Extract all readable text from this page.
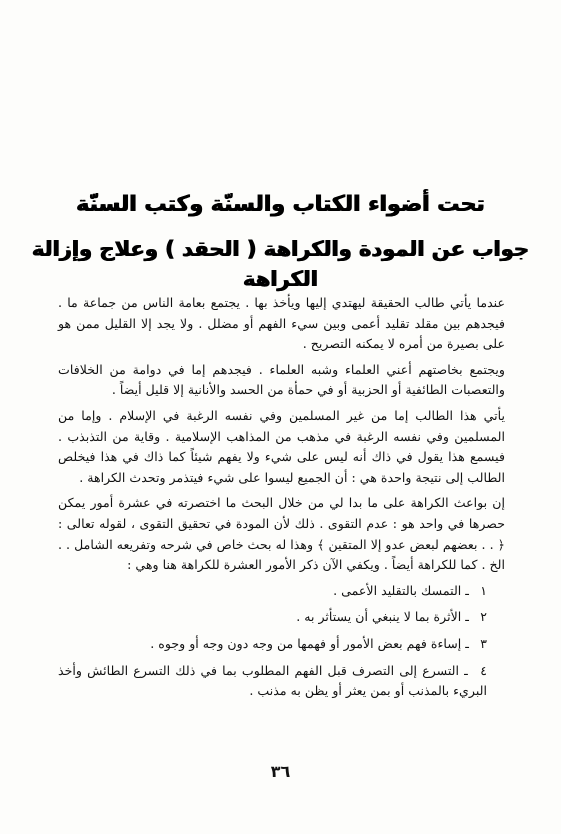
تحت أضواء الكتاب والسنّة وكتب السنّة

جواب عن المودة والكراهة ( الحقد ) وعلاج وإزالة الكراهة

عندما يأتي طالب الحقيقة ليهتدي إليها ويأخذ بها . يجتمع بعامة الناس من جماعة ما . فيجدهم بين مقلد تقليد أعمى وبين سيء الفهم أو مضلل . ولا يجد إلا القليل ممن هو على بصيرة من أمره لا يمكنه التصريح .

ويجتمع بخاصتهم أعني العلماء وشبه العلماء . فيجدهم إما في دوامة من الخلافات والتعصبات الطائفية أو الحزبية أو في حمأة من الحسد والأنانية إلا قليل أيضاً .

يأتي هذا الطالب إما من غير المسلمين وفي نفسه الرغبة في الإسلام . وإما من المسلمين وفي نفسه الرغبة في مذهب من المذاهب الإسلامية . وقاية من التذبذب . فيسمع هذا يقول في ذاك أنه ليس على شيء ولا يفهم شيئاً كما ذاك في هذا فيخلص الطالب إلى نتيجة واحدة هي : أن الجميع ليسوا على شيء فيتذمر وتحدث الكراهة .

إن بواعث الكراهة على ما بدا لي من خلال البحث ما اختصرته في عشرة أمور يمكن حصرها في واحد هو : عدم التقوى . ذلك لأن المودة في تحقيق التقوى ، لقوله تعالى : ﴿ . . بعضهم لبعض عدو إلا المتقين ﴾ وهذا له بحث خاص في شرحه وتفريعه الشامل . . الخ . كما للكراهة أيضاً . ويكفي الآن ذكر الأمور العشرة للكراهة هنا وهي :

١ ـ التمسك بالتقليد الأعمى .
٢ ـ الأثرة بما لا ينبغي أن يستأثر به .
٣ ـ إساءة فهم بعض الأمور أو فهمها من وجه دون وجه أو وجوه .
٤ ـ التسرع إلى التصرف قبل الفهم المطلوب بما في ذلك التسرع الطائش وأخذ البريء بالمذنب أو بمن يعثر أو يظن به مذنب .
٣٦
